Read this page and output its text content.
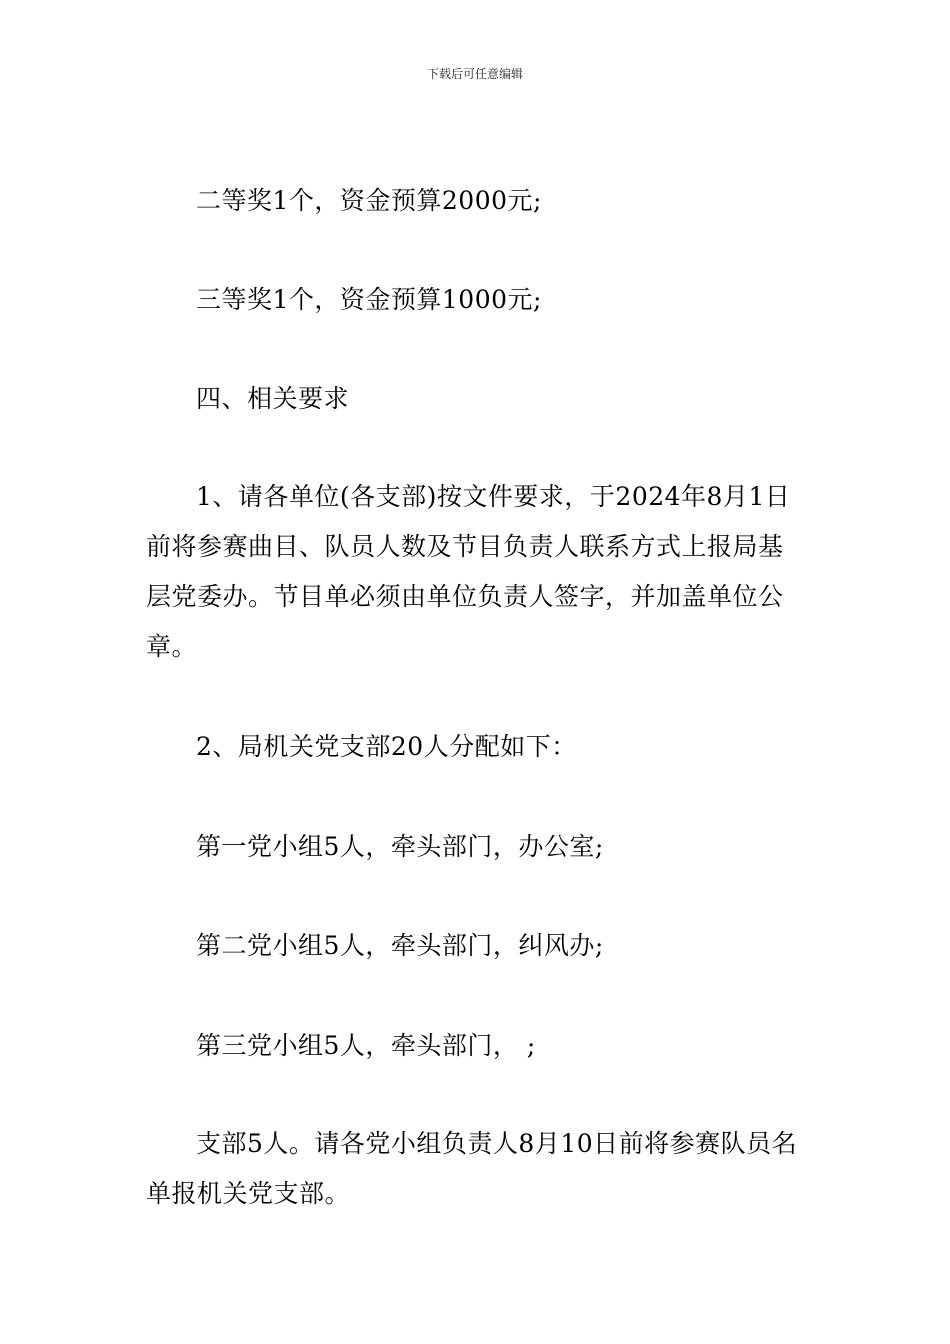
下载后可任意编辑

二等奖1个，资金预算2000元;

三等奖1个，资金预算1000元;

四、相关要求

1、请各单位(各支部)按文件要求，于2024年8月1日前将参赛曲目、队员人数及节目负责人联系方式上报局基层党委办。节目单必须由单位负责人签字，并加盖单位公章。

2、局机关党支部20人分配如下：

第一党小组5人，牵头部门，办公室;

第二党小组5人，牵头部门，纠风办;

第三党小组5人，牵头部门， ;

支部5人。请各党小组负责人8月10日前将参赛队员名单报机关党支部。
